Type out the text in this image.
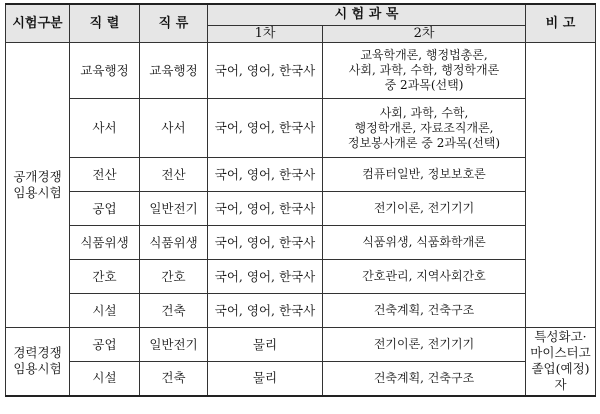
시험구분	직 렬	직 류	시 험 과 목		비 고
			1차	2차	
공개경쟁
임용시험	교육행정	교육행정	국어, 영어, 한국사	교육학개론, 행정법총론,
사회, 과학, 수학, 행정학개론
중 2과목(선택)	
	사서	사서	국어, 영어, 한국사	사회, 과학, 수학,
행정학개론, 자료조직개론,
정보봉사개론 중 2과목(선택)	
	전산	전산	국어, 영어, 한국사	컴퓨터일반, 정보보호론	
	공업	일반전기	국어, 영어, 한국사	전기이론, 전기기기	
	식품위생	식품위생	국어, 영어, 한국사	식품위생, 식품화학개론	
	간호	간호	국어, 영어, 한국사	간호관리, 지역사회간호	
	시설	건축	국어, 영어, 한국사	건축계획, 건축구조	
경력경쟁
임용시험	공업	일반전기	물리	전기이론, 전기기기	특성화고·
마이스터고
졸업(예정)자
	시설	건축	물리	건축계획, 건축구조	
